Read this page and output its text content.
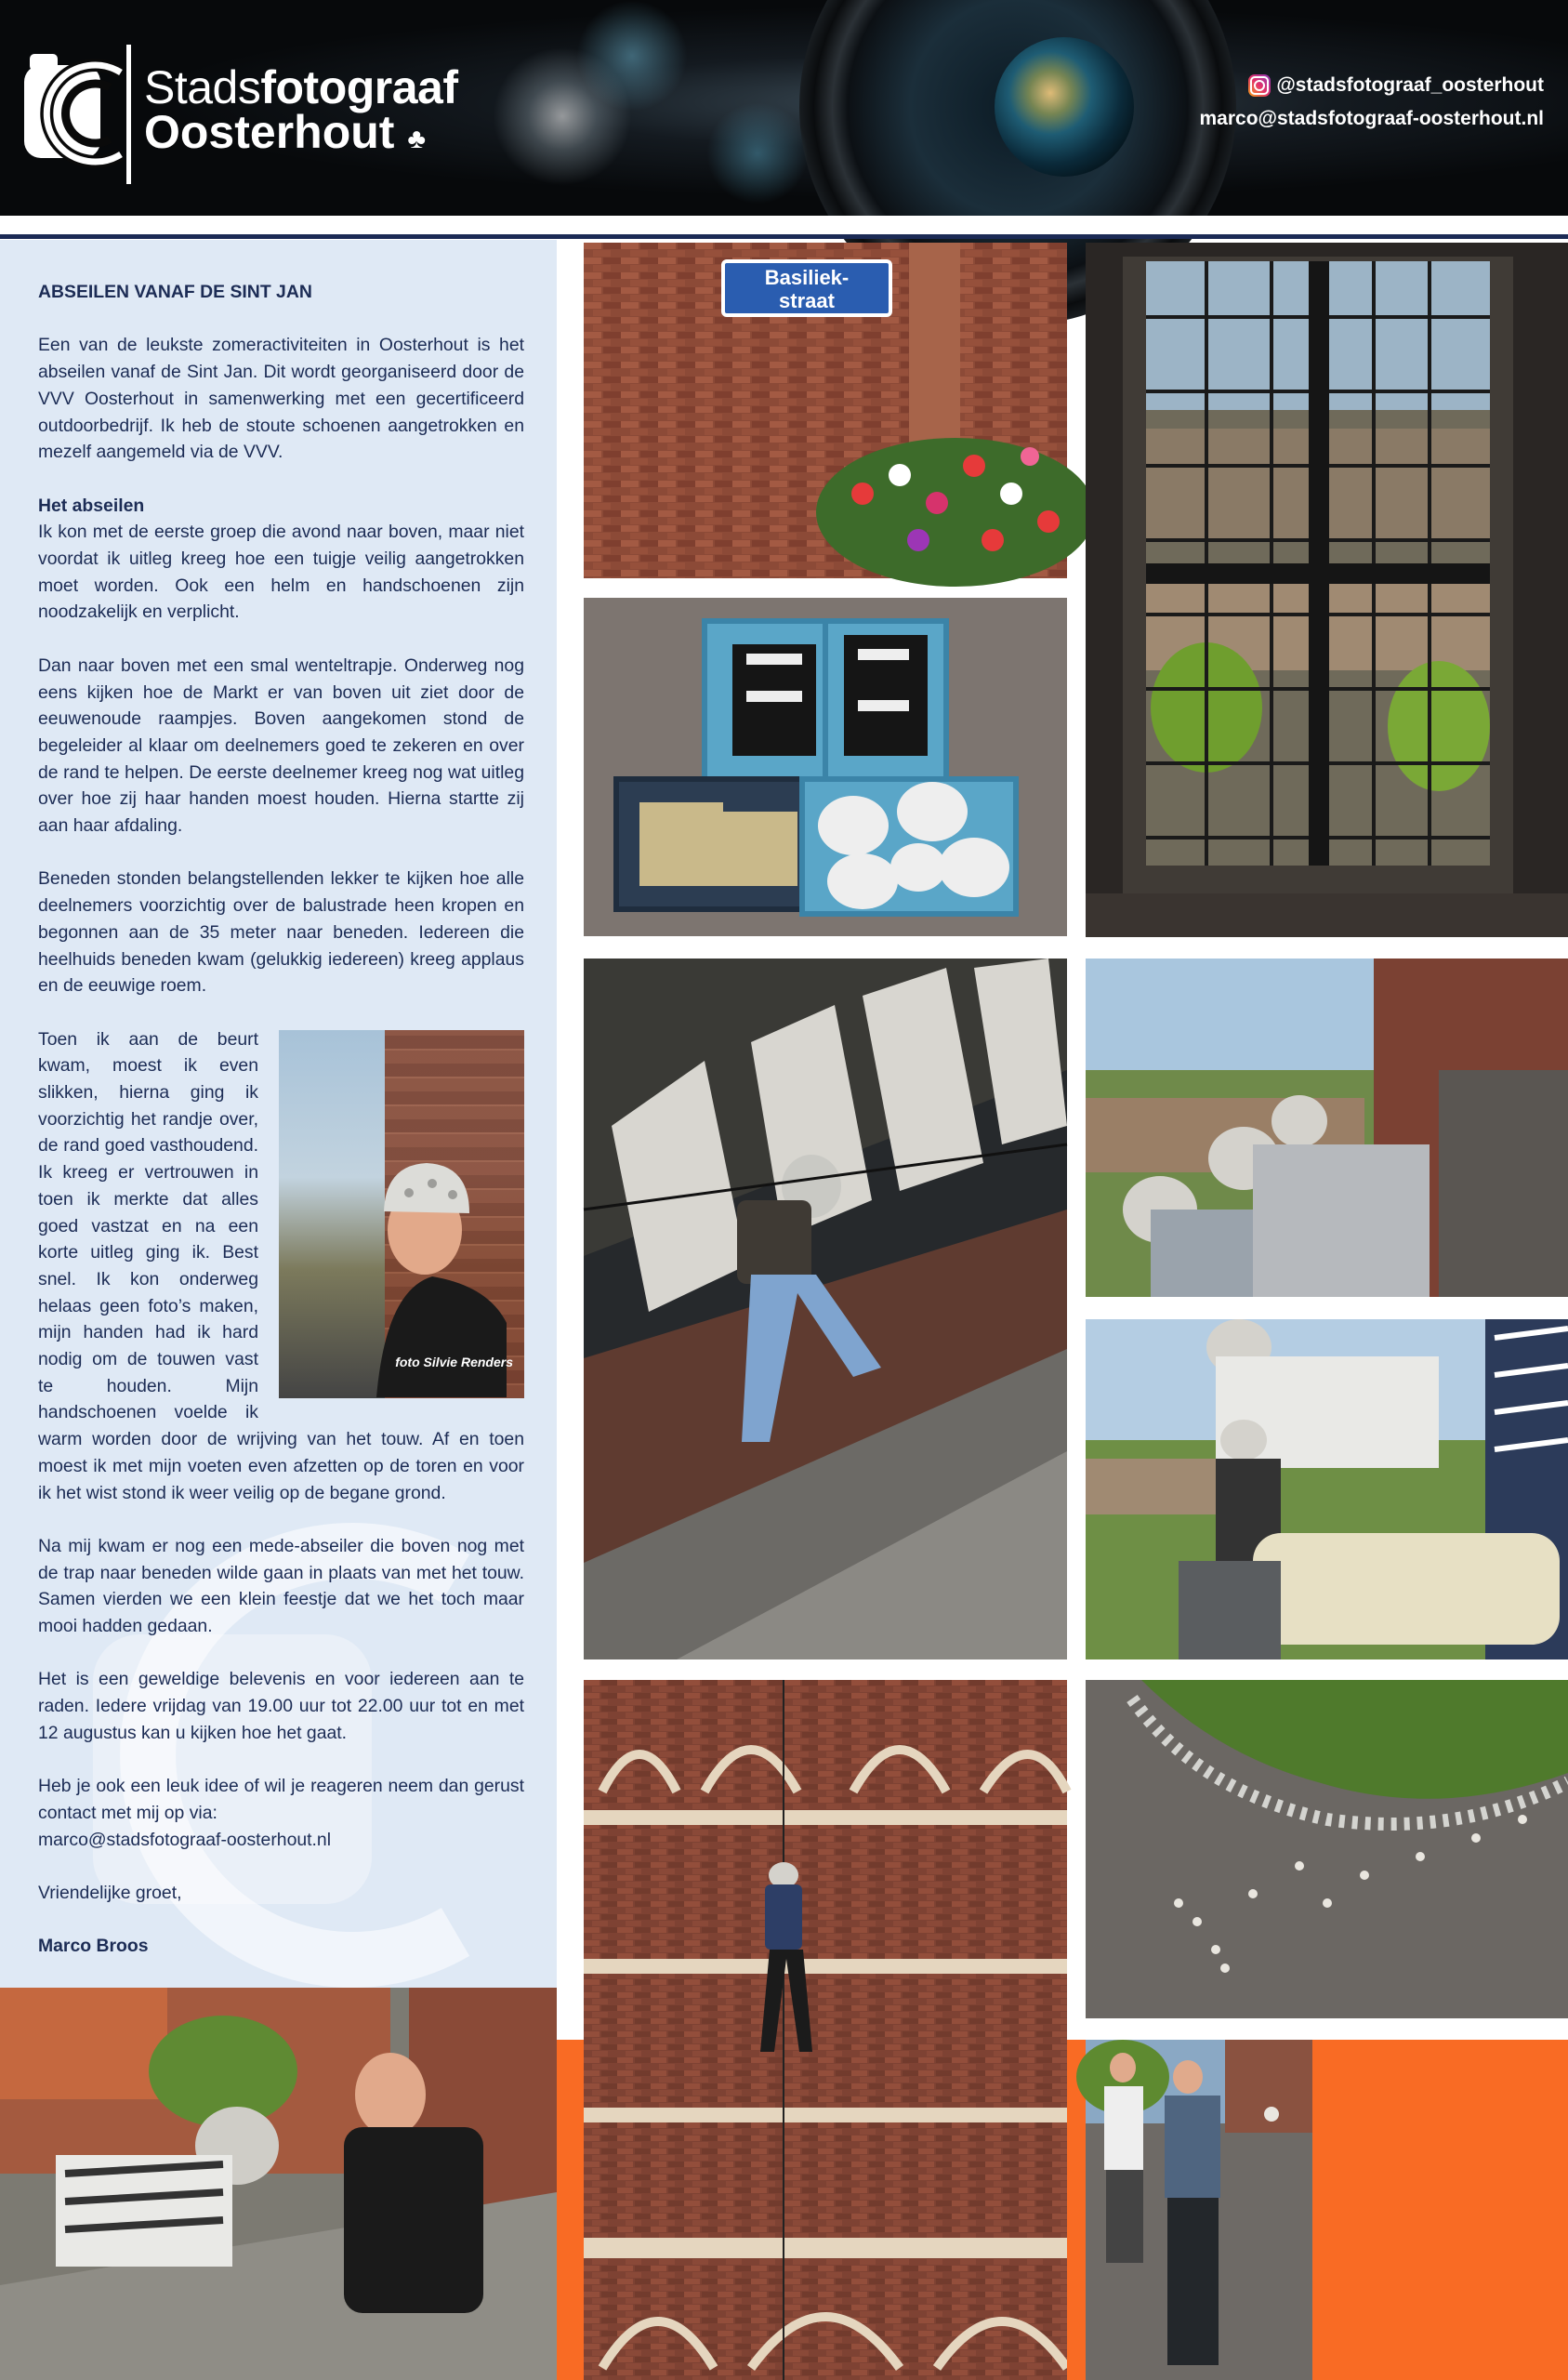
Stadsfotograaf
Oosterhout ♣
@stadsfotograaf_oosterhout
marco@stadsfotograaf-oosterhout.nl
ABSEILEN VANAF DE SINT JAN

Een van de leukste zomeractiviteiten in Oosterhout is het abseilen vanaf de Sint Jan. Dit wordt georganiseerd door de VVV Oosterhout in samenwerking met een gecertificeerd outdoorbedrijf. Ik heb de stoute schoenen aangetrokken en mezelf aangemeld via de VVV.

Het abseilen

Ik kon met de eerste groep die avond naar boven, maar niet voordat ik uitleg kreeg hoe een tuigje veilig aangetrokken moet worden. Ook een helm en handschoenen zijn noodzakelijk en verplicht.

Dan naar boven met een smal wenteltrapje. Onderweg nog eens kijken hoe de Markt er van boven uit ziet door de eeuwenoude raampjes. Boven aangekomen stond de begeleider al klaar om deelnemers goed te zekeren en over de rand te helpen. De eerste deelnemer kreeg nog wat uitleg over hoe zij haar handen moest houden. Hierna startte zij aan haar afdaling.

Beneden stonden belangstellenden lekker te kijken hoe alle deelnemers voorzichtig over de balustrade heen kropen en begonnen aan de 35 meter naar beneden. Iedereen die heelhuids beneden kwam (gelukkig iedereen) kreeg applaus en de eeuwige roem.

foto Silvie Renders

Toen ik aan de beurt kwam, moest ik even slikken, hierna ging ik voorzichtig het randje over, de rand goed vasthoudend. Ik kreeg er vertrouwen in toen ik merkte dat alles goed vastzat en na een korte uitleg ging ik. Best snel. Ik kon onderweg helaas geen foto’s maken, mijn handen had ik hard nodig om de touwen vast te houden. Mijn handschoenen voelde ik warm worden door de wrijving van het touw. Af en toen moest ik met mijn voeten even afzetten op de toren en voor ik het wist stond ik weer veilig op de begane grond.

Na mij kwam er nog een mede-abseiler die boven nog met de trap naar beneden wilde gaan in plaats van met het touw. Samen vierden we een klein feestje dat we het toch maar mooi hadden gedaan.

Het is een geweldige belevenis en voor iedereen aan te raden. Iedere vrijdag van 19.00 uur tot 22.00 uur tot en met 12 augustus kan u kijken hoe het gaat.

Heb je ook een leuk idee of wil je reageren neem dan gerust contact met mij op via:

marco@stadsfotograaf-oosterhout.nl

Vriendelijke groet,

Marco Broos

Basiliek-
straat
